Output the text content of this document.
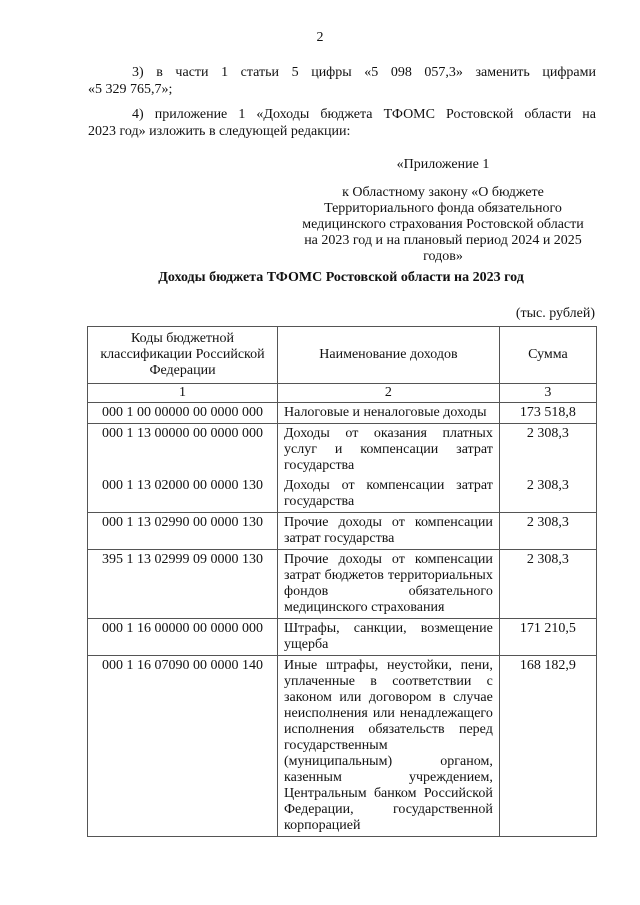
2
3) в части 1 статьи 5 цифры «5 098 057,3» заменить цифрами
«5 329 765,7»;
4) приложение 1 «Доходы бюджета ТФОМС Ростовской области на
2023 год» изложить в следующей редакции:
«Приложение 1
к Областному закону «О бюджете Территориального фонда обязательного медицинского страхования Ростовской области на 2023 год и на плановый период 2024 и 2025 годов»
Доходы бюджета ТФОМС Ростовской области на 2023 год
(тыс. рублей)
Коды бюджетной классификации Российской Федерации	Наименование доходов	Сумма
1	2	3
000 1 00 00000 00 0000 000	Налоговые и неналоговые доходы	173 518,8
000 1 13 00000 00 0000 000	Доходы от оказания платных услуг и компенсации затрат государства	2 308,3
000 1 13 02000 00 0000 130	Доходы от компенсации затрат государства	2 308,3
000 1 13 02990 00 0000 130	Прочие доходы от компенсации затрат государства	2 308,3
395 1 13 02999 09 0000 130	Прочие доходы от компенсации затрат бюджетов территориальных фондов обязательного медицинского страхования	2 308,3
000 1 16 00000 00 0000 000	Штрафы, санкции, возмещение ущерба	171 210,5
000 1 16 07090 00 0000 140	Иные штрафы, неустойки, пени, уплаченные в соответствии с законом или договором в случае неисполнения или ненадлежащего исполнения обязательств перед государственным (муниципальным) органом, казенным учреждением, Центральным банком Российской Федерации, государственной корпорацией	168 182,9
